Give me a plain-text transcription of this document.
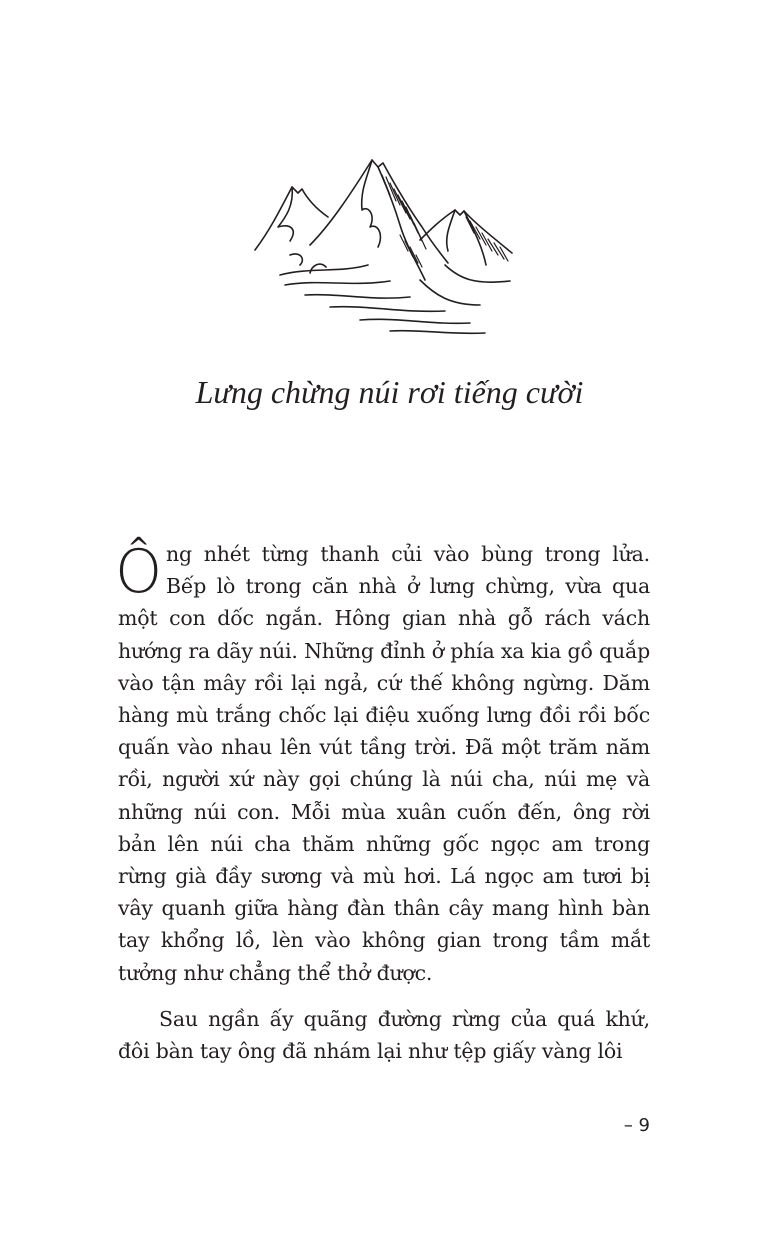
Lưng chừng núi rơi tiếng cười

Ông nhét từng thanh củi vào bùng trong lửa. Bếp lò trong căn nhà ở lưng chừng, vừa qua một con dốc ngắn. Hông gian nhà gỗ rách vách hướng ra dãy núi. Những đỉnh ở phía xa kia gồ quắp vào tận mây rồi lại ngả, cứ thế không ngừng. Dăm hàng mù trắng chốc lại điệu xuống lưng đồi rồi bốc quấn vào nhau lên vút tầng trời. Đã một trăm năm rồi, người xứ này gọi chúng là núi cha, núi mẹ và những núi con. Mỗi mùa xuân cuốn đến, ông rời bản lên núi cha thăm những gốc ngọc am trong rừng già đầy sương và mù hơi. Lá ngọc am tươi bị vây quanh giữa hàng đàn thân cây mang hình bàn tay khổng lồ, lèn vào không gian trong tầm mắt tưởng như chẳng thể thở được.

Sau ngần ấy quãng đường rừng của quá khứ, đôi bàn tay ông đã nhám lại như tệp giấy vàng lôi

– 9
